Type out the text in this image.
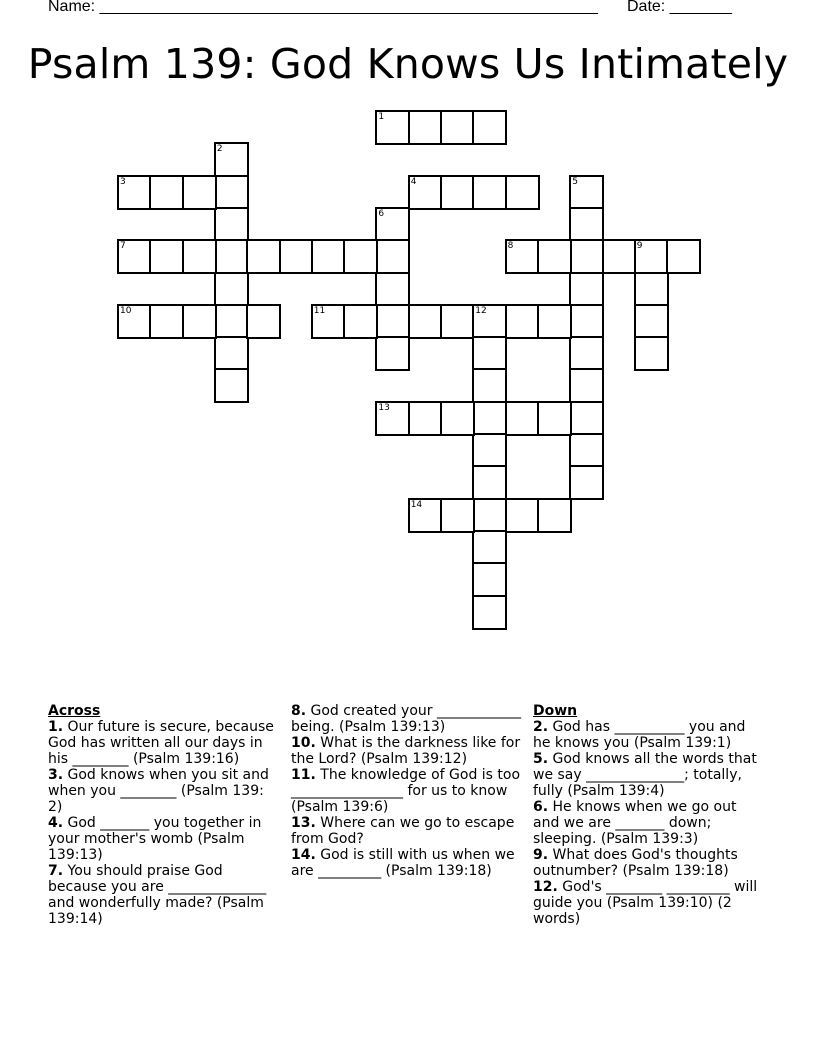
Name: ________________________________________________________ Date: _______
Psalm 139: God Knows Us Intimately
1
2
3	4	5
6
7	8	9
10	11	12
13
14
Across
1. Our future is secure, because God has written all our days in his ________ (Psalm 139:16)
3. God knows when you sit and when you ________ (Psalm 139: 2)
4. God _______ you together in your mother's womb (Psalm 139:13)
7. You should praise God because you are ______________ and wonderfully made? (Psalm 139:14)
8. God created your ____________ being. (Psalm 139:13)
10. What is the darkness like for the Lord? (Psalm 139:12)
11. The knowledge of God is too ________________ for us to know (Psalm 139:6)
13. Where can we go to escape from God?
14. God is still with us when we are _________ (Psalm 139:18)
Down
2. God has __________ you and he knows you (Psalm 139:1)
5. God knows all the words that we say ______________; totally, fully (Psalm 139:4)
6. He knows when we go out and we are _______ down; sleeping. (Psalm 139:3)
9. What does God's thoughts outnumber? (Psalm 139:18)
12. God's ________ _________ will guide you (Psalm 139:10) (2 words)
